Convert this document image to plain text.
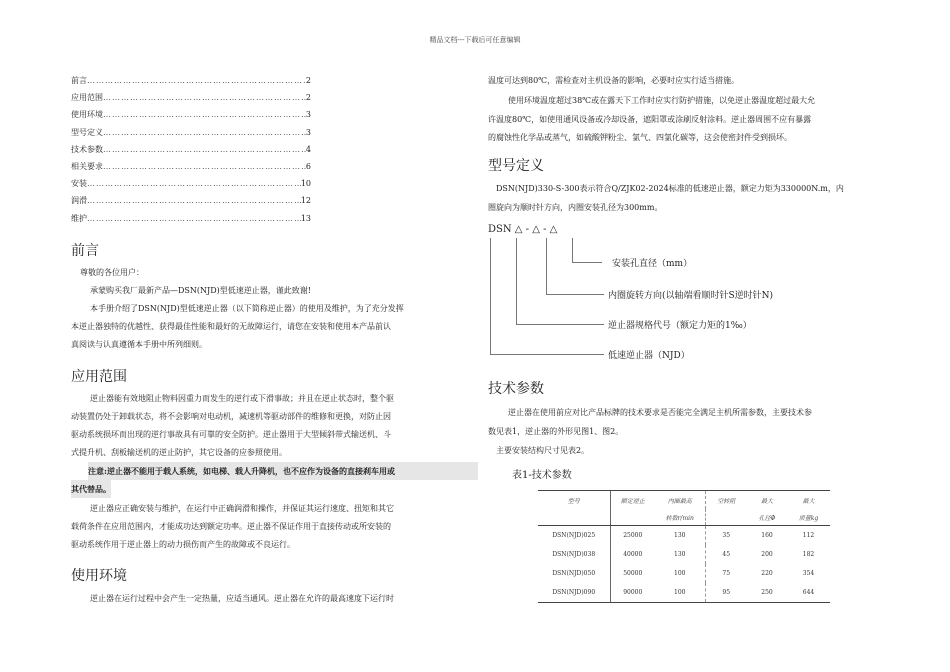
精品文档---下载后可任意编辑
前言 ……………………………………………………………………………………………………………………	2
应用范围 ……………………………………………………………………………………………………………………	2
使用环境 ……………………………………………………………………………………………………………………	3
型号定义 ……………………………………………………………………………………………………………………	3
技术参数 ……………………………………………………………………………………………………………………	4
相关要求 ……………………………………………………………………………………………………………………	6
安装 ……………………………………………………………………………………………………………………	10
润滑 ……………………………………………………………………………………………………………………	12
维护 ……………………………………………………………………………………………………………………	13
前言
尊敬的各位用户：
承蒙购买我厂最新产品—DSN(NJD)型低速逆止器，谨此致谢!
本手册介绍了DSN(NJD)型低速逆止器（以下简称逆止器）的使用及维护，为了充分发挥
本逆止器独特的优越性、获得最佳性能和最好的无故障运行，请您在安装和使用本产品前认
真阅读与认真遵循本手册中所列细则。
应用范围
逆止器能有效地阻止物料因重力而发生的逆行或下滑事故；并且在逆止状态时，整个驱
动装置仍处于卸载状态，将不会影响对电动机，减速机等驱动部件的维修和更换，对防止因
驱动系统损坏而出现的逆行事故具有可靠的安全防护。逆止器用于大型倾斜带式输送机、斗
式提升机、刮板输送机的逆止防护，其它设备的应参照使用。
注意:逆止器不能用于载人系统，如电梯、载人升降机，也不应作为设备的直接刹车用或
其代替品。
逆止器应正确安装与维护，在运行中正确润滑和操作，并保证其运行速度、扭矩和其它
载荷条件在应用范围内，才能成功达到额定功率。逆止器不保证作用于直接传动或所安装的
驱动系统作用于逆止器上的动力损伤而产生的故障或不良运行。
使用环境
逆止器在运行过程中会产生一定热量，应适当通风。逆止器在允许的最高速度下运行时
温度可达到80℃，需检查对主机设备的影响，必要时应实行适当措施。
使用环境温度超过38℃或在露天下工作时应实行防护措施，以免逆止器温度超过最大允
许温度80℃，如使用通风设备或冷却设备，遮阳罩或涂刷反射涂料。逆止器周围不应有暴露
的腐蚀性化学品或蒸气，如硫酸钾粉尘、氯气、四氯化碳等，这会使密封件受到损坏。
型号定义
DSN(NJD)330-S-300表示符合Q/ZJK02-2024标准的低速逆止器，额定力矩为330000N.m，内
圈旋向为顺时针方向，内圈安装孔径为300mm。
DSN △ - △ - △
安装孔直径（mm）
内圈旋转方向(以轴端看顺时针S逆时针N)
逆止器规格代号（额定力矩的1‰）
低速逆止器（NJD）
技术参数
逆止器在使用前应对比产品标牌的技术要求是否能完全满足主机所需参数，主要技术参
数见表1，逆止器的外形见图1、图2。
主要安装结构尺寸见表2。
表1-技术参数
型号	额定逆止	内圈最高	空转阻	最大	最大
		转数r/min		孔径Φ	质量kg
DSN(NJD)025	25000	130	35	160	112
DSN(NJD)038	40000	130	45	200	182
DSN(NJD)050	50000	100	75	220	354
DSN(NJD)090	90000	100	95	250	644
